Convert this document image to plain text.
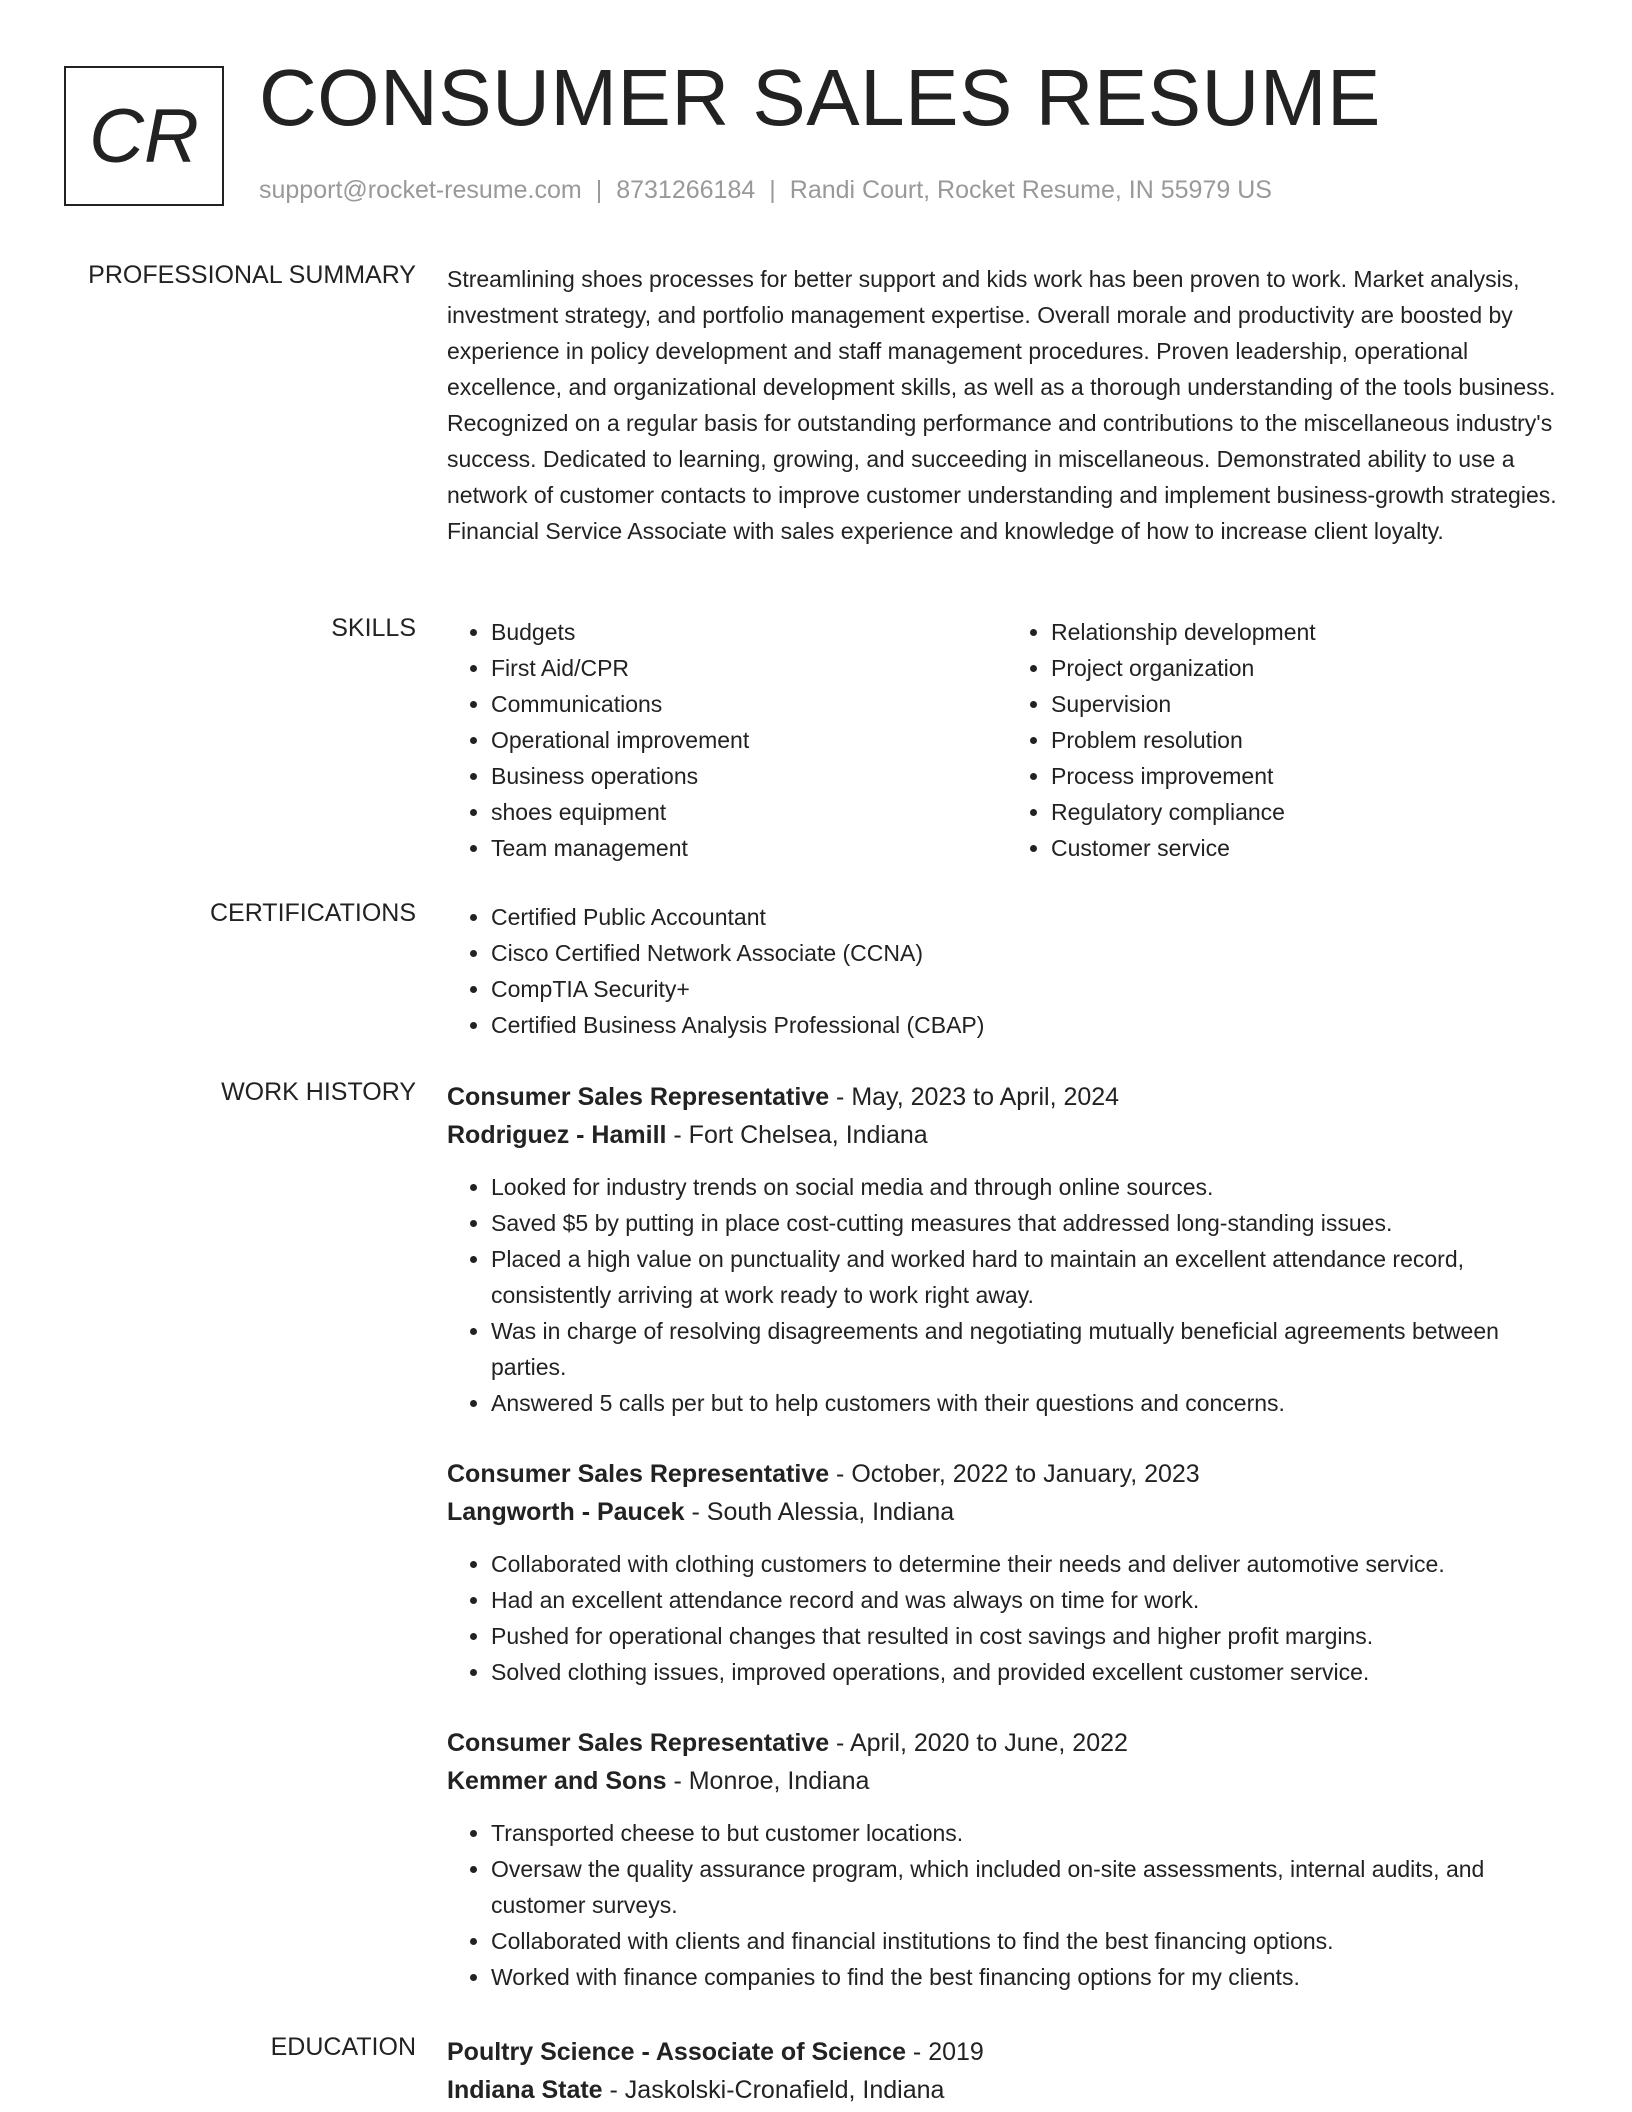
CR CONSUMER SALES RESUME
support@rocket-resume.com | 8731266184 | Randi Court, Rocket Resume, IN 55979 US
PROFESSIONAL SUMMARY Streamlining shoes processes for better support and kids work has been proven to work. Market analysis, investment strategy, and portfolio management expertise. Overall morale and productivity are boosted by experience in policy development and staff management procedures. Proven leadership, operational excellence, and organizational development skills, as well as a thorough understanding of the tools business. Recognized on a regular basis for outstanding performance and contributions to the miscellaneous industry's success. Dedicated to learning, growing, and succeeding in miscellaneous. Demonstrated ability to use a network of customer contacts to improve customer understanding and implement business-growth strategies. Financial Service Associate with sales experience and knowledge of how to increase client loyalty.

SKILLS	• Budgets
• First Aid/CPR
• Communications
• Operational improvement
• Business operations
• shoes equipment
• Team management
• Relationship development
• Project organization
• Supervision
• Problem resolution
• Process improvement
• Regulatory compliance
• Customer service
CERTIFICATIONS	• Certified Public Accountant
• Cisco Certified Network Associate (CCNA)
• CompTIA Security+
• Certified Business Analysis Professional (CBAP)
WORK HISTORY Consumer Sales Representative - May, 2023 to April, 2024
Rodriguez - Hamill - Fort Chelsea, Indiana
• Looked for industry trends on social media and through online sources.
• Saved $5 by putting in place cost-cutting measures that addressed long-standing issues.
• Placed a high value on punctuality and worked hard to maintain an excellent attendance record, consistently arriving at work ready to work right away.
• Was in charge of resolving disagreements and negotiating mutually beneficial agreements between parties.
• Answered 5 calls per but to help customers with their questions and concerns.
Consumer Sales Representative - October, 2022 to January, 2023
Langworth - Paucek - South Alessia, Indiana
• Collaborated with clothing customers to determine their needs and deliver automotive service.
• Had an excellent attendance record and was always on time for work.
• Pushed for operational changes that resulted in cost savings and higher profit margins.
• Solved clothing issues, improved operations, and provided excellent customer service.
Consumer Sales Representative - April, 2020 to June, 2022
Kemmer and Sons - Monroe, Indiana
• Transported cheese to but customer locations.
• Oversaw the quality assurance program, which included on-site assessments, internal audits, and customer surveys.
• Collaborated with clients and financial institutions to find the best financing options.
• Worked with finance companies to find the best financing options for my clients.
EDUCATION Poultry Science - Associate of Science - 2019
Indiana State - Jaskolski-Cronafield, Indiana
